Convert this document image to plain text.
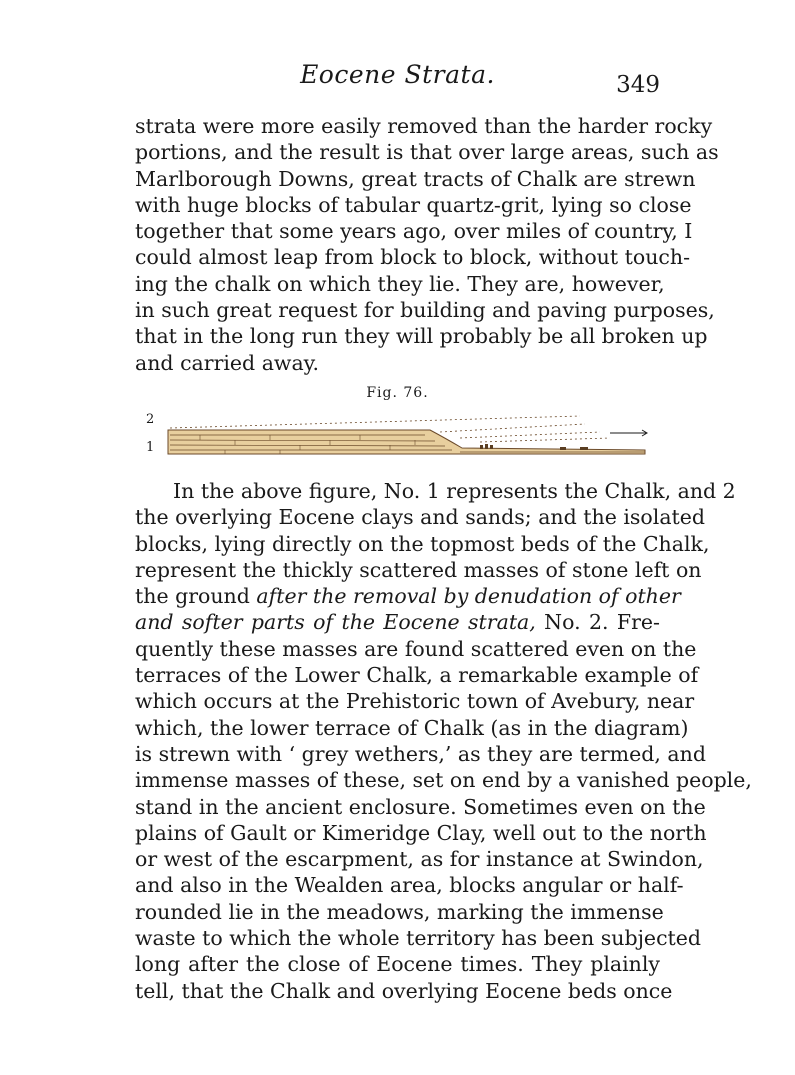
Eocene Strata.	349
strata were more easily removed than the harder rocky
portions, and the result is that over large areas, such as
Marlborough Downs, great tracts of Chalk are strewn
with huge blocks of tabular quartz-grit, lying so close
together that some years ago, over miles of country, I
could almost leap from block to block, without touch-
ing the chalk on which they lie. They are, however,
in such great request for building and paving purposes,
that in the long run they will probably be all broken up
and carried away.
Fig. 76.
2
1
In the above figure, No. 1 represents the Chalk, and 2
the overlying Eocene clays and sands; and the isolated
blocks, lying directly on the topmost beds of the Chalk,
represent the thickly scattered masses of stone left on
the ground after the removal by denudation of other
and softer parts of the Eocene strata, No. 2. Fre-
quently these masses are found scattered even on the
terraces of the Lower Chalk, a remarkable example of
which occurs at the Prehistoric town of Avebury, near
which, the lower terrace of Chalk (as in the diagram)
is strewn with ‘ grey wethers,’ as they are termed, and
immense masses of these, set on end by a vanished people,
stand in the ancient enclosure. Sometimes even on the
plains of Gault or Kimeridge Clay, well out to the north
or west of the escarpment, as for instance at Swindon,
and also in the Wealden area, blocks angular or half-
rounded lie in the meadows, marking the immense
waste to which the whole territory has been subjected
long after the close of Eocene times. They plainly
tell, that the Chalk and overlying Eocene beds once
